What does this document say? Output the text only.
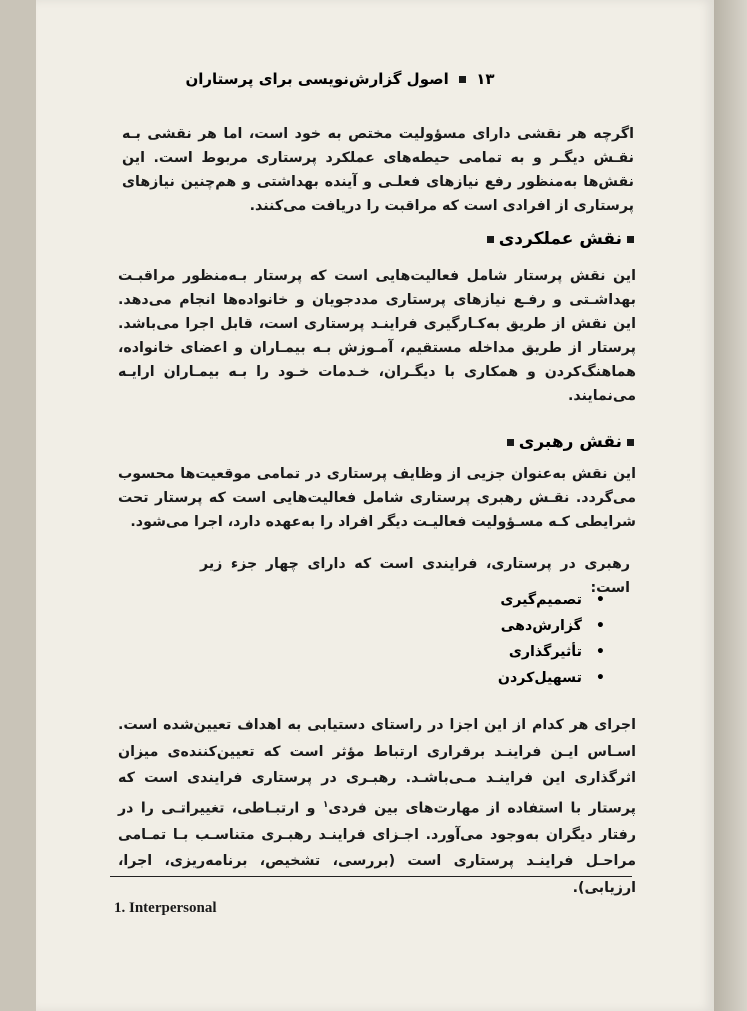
۱۳  اصول گزارش‌نویسی برای پرستاران
اگرچه هر نقشی دارای مسؤولیت مختص به خود است، اما هر نقشی بـه نقـش دیگـر و به تمامی حیطه‌های عملکرد پرستاری مربوط است. این نقش‌ها به‌منظور رفع نیازهای فعلـی و آینده بهداشتی و هم‌چنین نیازهای پرستاری از افرادی است که مراقبت را دریافت می‌کنند.
نقش عملکردی
این نقش پرستار شامل فعالیت‌هایی است که پرستار بـه‌منظور مراقبـت بهداشـتی و رفـع نیازهای پرستاری مددجویان و خانواده‌ها انجام می‌دهد. این نقش از طریق به‌کـارگیری فراینـد پرستاری است، قابل اجرا می‌باشد. پرستار از طریق مداخله مستقیم، آمـوزش بـه بیمـاران و اعضای خانواده، هماهنگ‌کردن و همکاری با دیگـران، خـدمات خـود را بـه بیمـاران ارایـه می‌نمایند.
نقش رهبری
این نقش به‌عنوان جزیی از وظایف پرستاری در تمامی موقعیت‌ها محسوب می‌گردد. نقـش رهبری پرستاری شامل فعالیت‌هایی است که پرستار تحت شرایطی کـه مسـؤولیت فعالیـت دیگر افراد را به‌عهده دارد، اجرا می‌شود.
رهبری در پرستاری، فرایندی است که دارای چهار جزء زیر است:
• تصمیم‌گیری
• گزارش‌دهی
• تأثیرگذاری
• تسهیل‌کردن
اجرای هر کدام از این اجزا در راستای دستیابی به اهداف تعیین‌شده است. اسـاس ایـن فراینـد برقراری ارتباط مؤثر است که تعیین‌کننده‌ی میزان اثرگذاری این فراینـد مـی‌باشـد. رهبـری در پرستاری فرایندی است که پرستار با استفاده از مهارت‌های بین فردی$^۱$ و ارتبـاطی، تغییراتـی را در رفتار دیگران به‌وجود می‌آورد. اجـزای فراینـد رهبـری متناسـب بـا تمـامی مراحـل فراینـد پرستاری است (بررسی، تشخیص، برنامه‌ریزی، اجرا، ارزیابی).
1. Interpersonal
